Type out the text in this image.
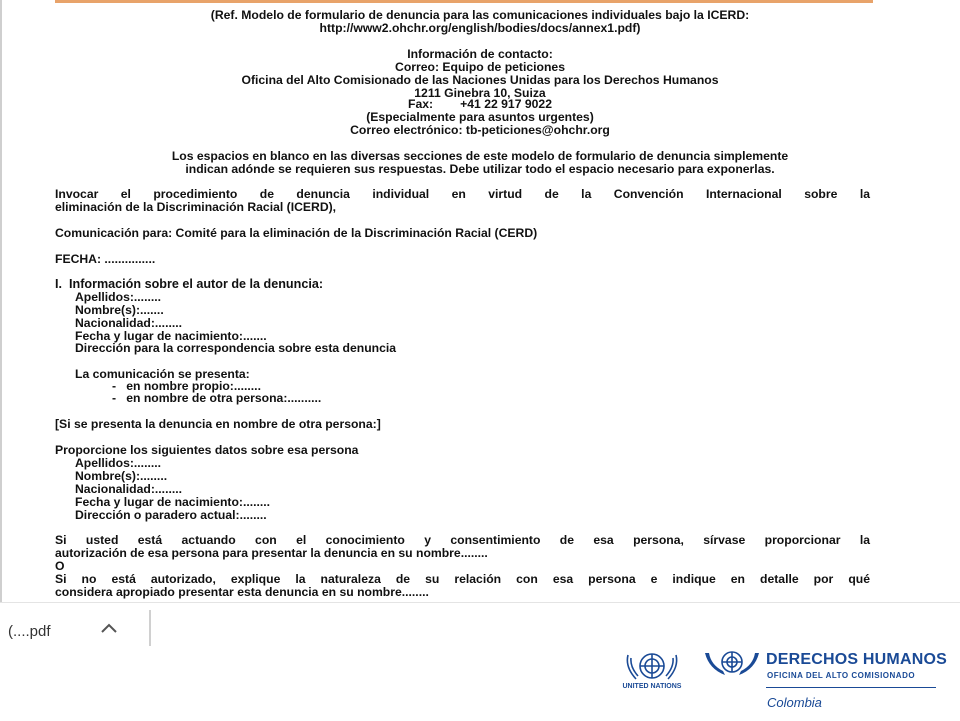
(Ref. Modelo de formulario de denuncia para las comunicaciones individuales bajo la ICERD:
http://www2.ohchr.org/english/bodies/docs/annex1.pdf)
Información de contacto:
Correo: Equipo de peticiones
Oficina del Alto Comisionado de las Naciones Unidas para los Derechos Humanos
1211 Ginebra 10, Suiza
Fax:        +41 22 917 9022
(Especialmente para asuntos urgentes)
Correo electrónico: tb-peticiones@ohchr.org
Los espacios en blanco en las diversas secciones de este modelo de formulario de denuncia simplemente
indican adónde se requieren sus respuestas. Debe utilizar todo el espacio necesario para exponerlas.
Invocar el procedimiento de denuncia individual en virtud de la Convención Internacional sobre la
eliminación de la Discriminación Racial (ICERD),
Comunicación para: Comité para la eliminación de la Discriminación Racial (CERD)
FECHA: ...............
I.  Información sobre el autor de la denuncia:
Apellidos:........
Nombre(s):.......
Nacionalidad:........
Fecha y lugar de nacimiento:.......
Dirección para la correspondencia sobre esta denuncia
La comunicación se presenta:
-   en nombre propio:........
-   en nombre de otra persona:..........
[Si se presenta la denuncia en nombre de otra persona:]
Proporcione los siguientes datos sobre esa persona
Apellidos:........
Nombre(s):........
Nacionalidad:........
Fecha y lugar de nacimiento:........
Dirección o paradero actual:........
Si usted está actuando con el conocimiento y consentimiento de esa persona, sírvase proporcionar la
autorización de esa persona para presentar la denuncia en su nombre........
O
Si no está autorizado, explique la naturaleza de su relación con esa persona e indique en detalle por qué
considera apropiado presentar esta denuncia en su nombre........
(....pdf
UNITED NATIONS
DERECHOS HUMANOS
OFICINA DEL ALTO COMISIONADO
Colombia
